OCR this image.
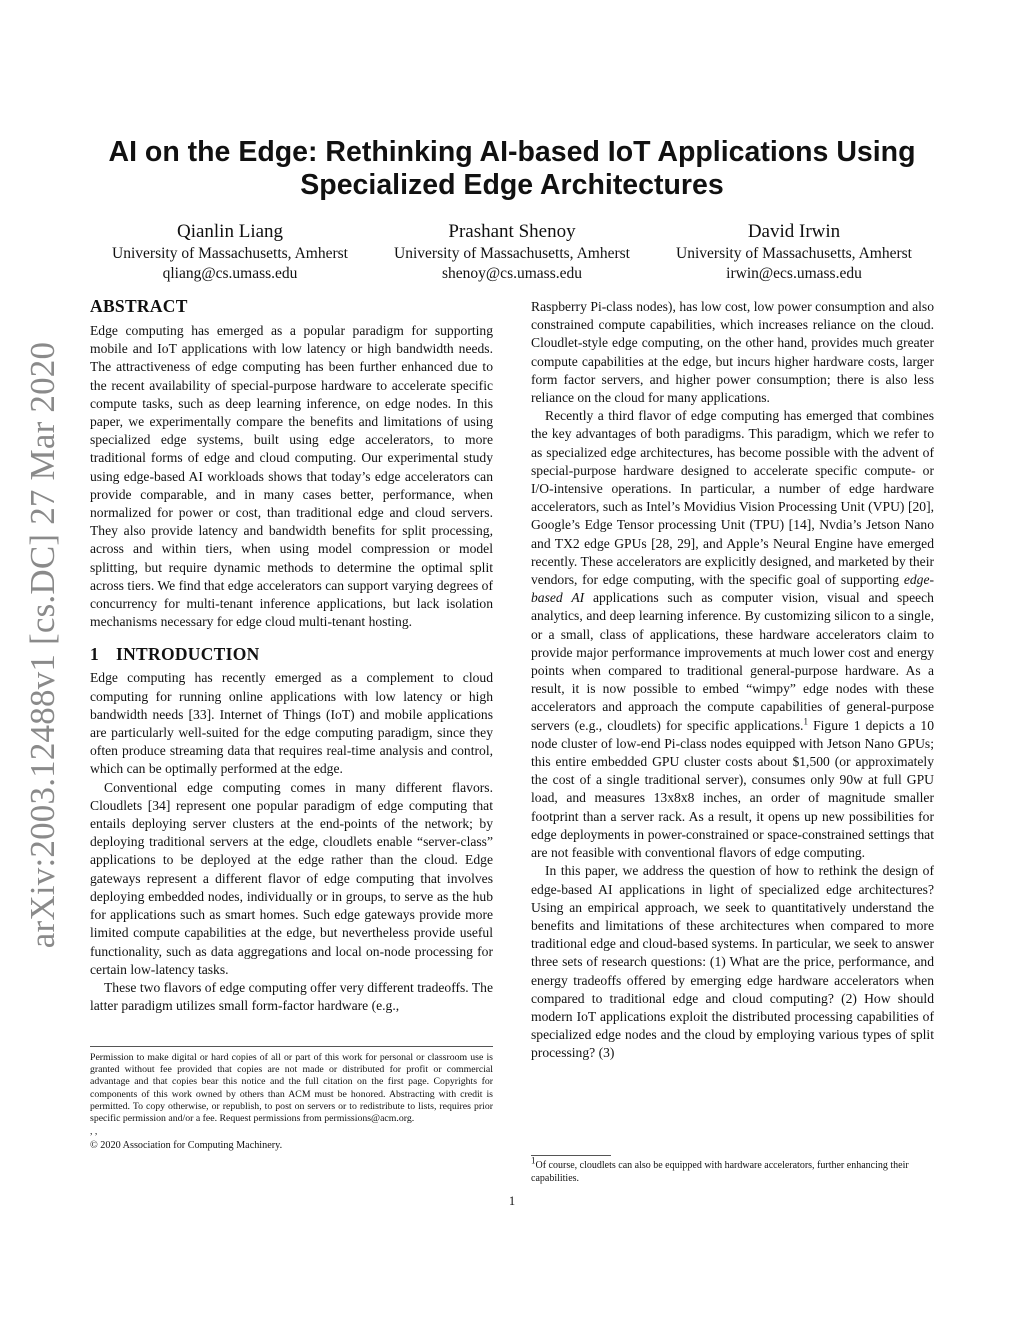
arXiv:2003.12488v1 [cs.DC] 27 Mar 2020
AI on the Edge: Rethinking AI-based IoT Applications Using Specialized Edge Architectures
Qianlin Liang
University of Massachusetts, Amherst
qliang@cs.umass.edu
Prashant Shenoy
University of Massachusetts, Amherst
shenoy@cs.umass.edu
David Irwin
University of Massachusetts, Amherst
irwin@ecs.umass.edu
ABSTRACT

Edge computing has emerged as a popular paradigm for supporting mobile and IoT applications with low latency or high bandwidth needs. The attractiveness of edge computing has been further enhanced due to the recent availability of special-purpose hardware to accelerate specific compute tasks, such as deep learning inference, on edge nodes. In this paper, we experimentally compare the benefits and limitations of using specialized edge systems, built using edge accelerators, to more traditional forms of edge and cloud computing. Our experimental study using edge-based AI workloads shows that today’s edge accelerators can provide comparable, and in many cases better, performance, when normalized for power or cost, than traditional edge and cloud servers. They also provide latency and bandwidth benefits for split processing, across and within tiers, when using model compression or model splitting, but require dynamic methods to determine the optimal split across tiers. We find that edge accelerators can support varying degrees of concurrency for multi-tenant inference applications, but lack isolation mechanisms necessary for edge cloud multi-tenant hosting.

1 INTRODUCTION

Edge computing has recently emerged as a complement to cloud computing for running online applications with low latency or high bandwidth needs [33]. Internet of Things (IoT) and mobile applications are particularly well-suited for the edge computing paradigm, since they often produce streaming data that requires real-time analysis and control, which can be optimally performed at the edge.

Conventional edge computing comes in many different flavors. Cloudlets [34] represent one popular paradigm of edge computing that entails deploying server clusters at the end-points of the network; by deploying traditional servers at the edge, cloudlets enable “server-class” applications to be deployed at the edge rather than the cloud. Edge gateways represent a different flavor of edge computing that involves deploying embedded nodes, individually or in groups, to serve as the hub for applications such as smart homes. Such edge gateways provide more limited compute capabilities at the edge, but nevertheless provide useful functionality, such as data aggregations and local on-node processing for certain low-latency tasks.

These two flavors of edge computing offer very different tradeoffs. The latter paradigm utilizes small form-factor hardware (e.g.,

Permission to make digital or hard copies of all or part of this work for personal or classroom use is granted without fee provided that copies are not made or distributed for profit or commercial advantage and that copies bear this notice and the full citation on the first page. Copyrights for components of this work owned by others than ACM must be honored. Abstracting with credit is permitted. To copy otherwise, or republish, to post on servers or to redistribute to lists, requires prior specific permission and/or a fee. Request permissions from permissions@acm.org.

, ,

© 2020 Association for Computing Machinery.

Raspberry Pi-class nodes), has low cost, low power consumption and also constrained compute capabilities, which increases reliance on the cloud. Cloudlet-style edge computing, on the other hand, provides much greater compute capabilities at the edge, but incurs higher hardware costs, larger form factor servers, and higher power consumption; there is also less reliance on the cloud for many applications.

Recently a third flavor of edge computing has emerged that combines the key advantages of both paradigms. This paradigm, which we refer to as specialized edge architectures, has become possible with the advent of special-purpose hardware designed to accelerate specific compute- or I/O-intensive operations. In particular, a number of edge hardware accelerators, such as Intel’s Movidius Vision Processing Unit (VPU) [20], Google’s Edge Tensor processing Unit (TPU) [14], Nvdia’s Jetson Nano and TX2 edge GPUs [28, 29], and Apple’s Neural Engine have emerged recently. These accelerators are explicitly designed, and marketed by their vendors, for edge computing, with the specific goal of supporting edge-based AI applications such as computer vision, visual and speech analytics, and deep learning inference. By customizing silicon to a single, or a small, class of applications, these hardware accelerators claim to provide major performance improvements at much lower cost and energy points when compared to traditional general-purpose hardware. As a result, it is now possible to embed “wimpy” edge nodes with these accelerators and approach the compute capabilities of general-purpose servers (e.g., cloudlets) for specific applications.$^1$ Figure 1 depicts a 10 node cluster of low-end Pi-class nodes equipped with Jetson Nano GPUs; this entire embedded GPU cluster costs about $1,500 (or approximately the cost of a single traditional server), consumes only 90w at full GPU load, and measures 13x8x8 inches, an order of magnitude smaller footprint than a server rack. As a result, it opens up new possibilities for edge deployments in power-constrained or space-constrained settings that are not feasible with conventional flavors of edge computing.

In this paper, we address the question of how to rethink the design of edge-based AI applications in light of specialized edge architectures? Using an empirical approach, we seek to quantitatively understand the benefits and limitations of these architectures when compared to more traditional edge and cloud-based systems. In particular, we seek to answer three sets of research questions: (1) What are the price, performance, and energy tradeoffs offered by emerging edge hardware accelerators when compared to traditional edge and cloud computing? (2) How should modern IoT applications exploit the distributed processing capabilities of specialized edge nodes and the cloud by employing various types of split processing? (3)

$^1$Of course, cloudlets can also be equipped with hardware accelerators, further enhancing their capabilities.

1
